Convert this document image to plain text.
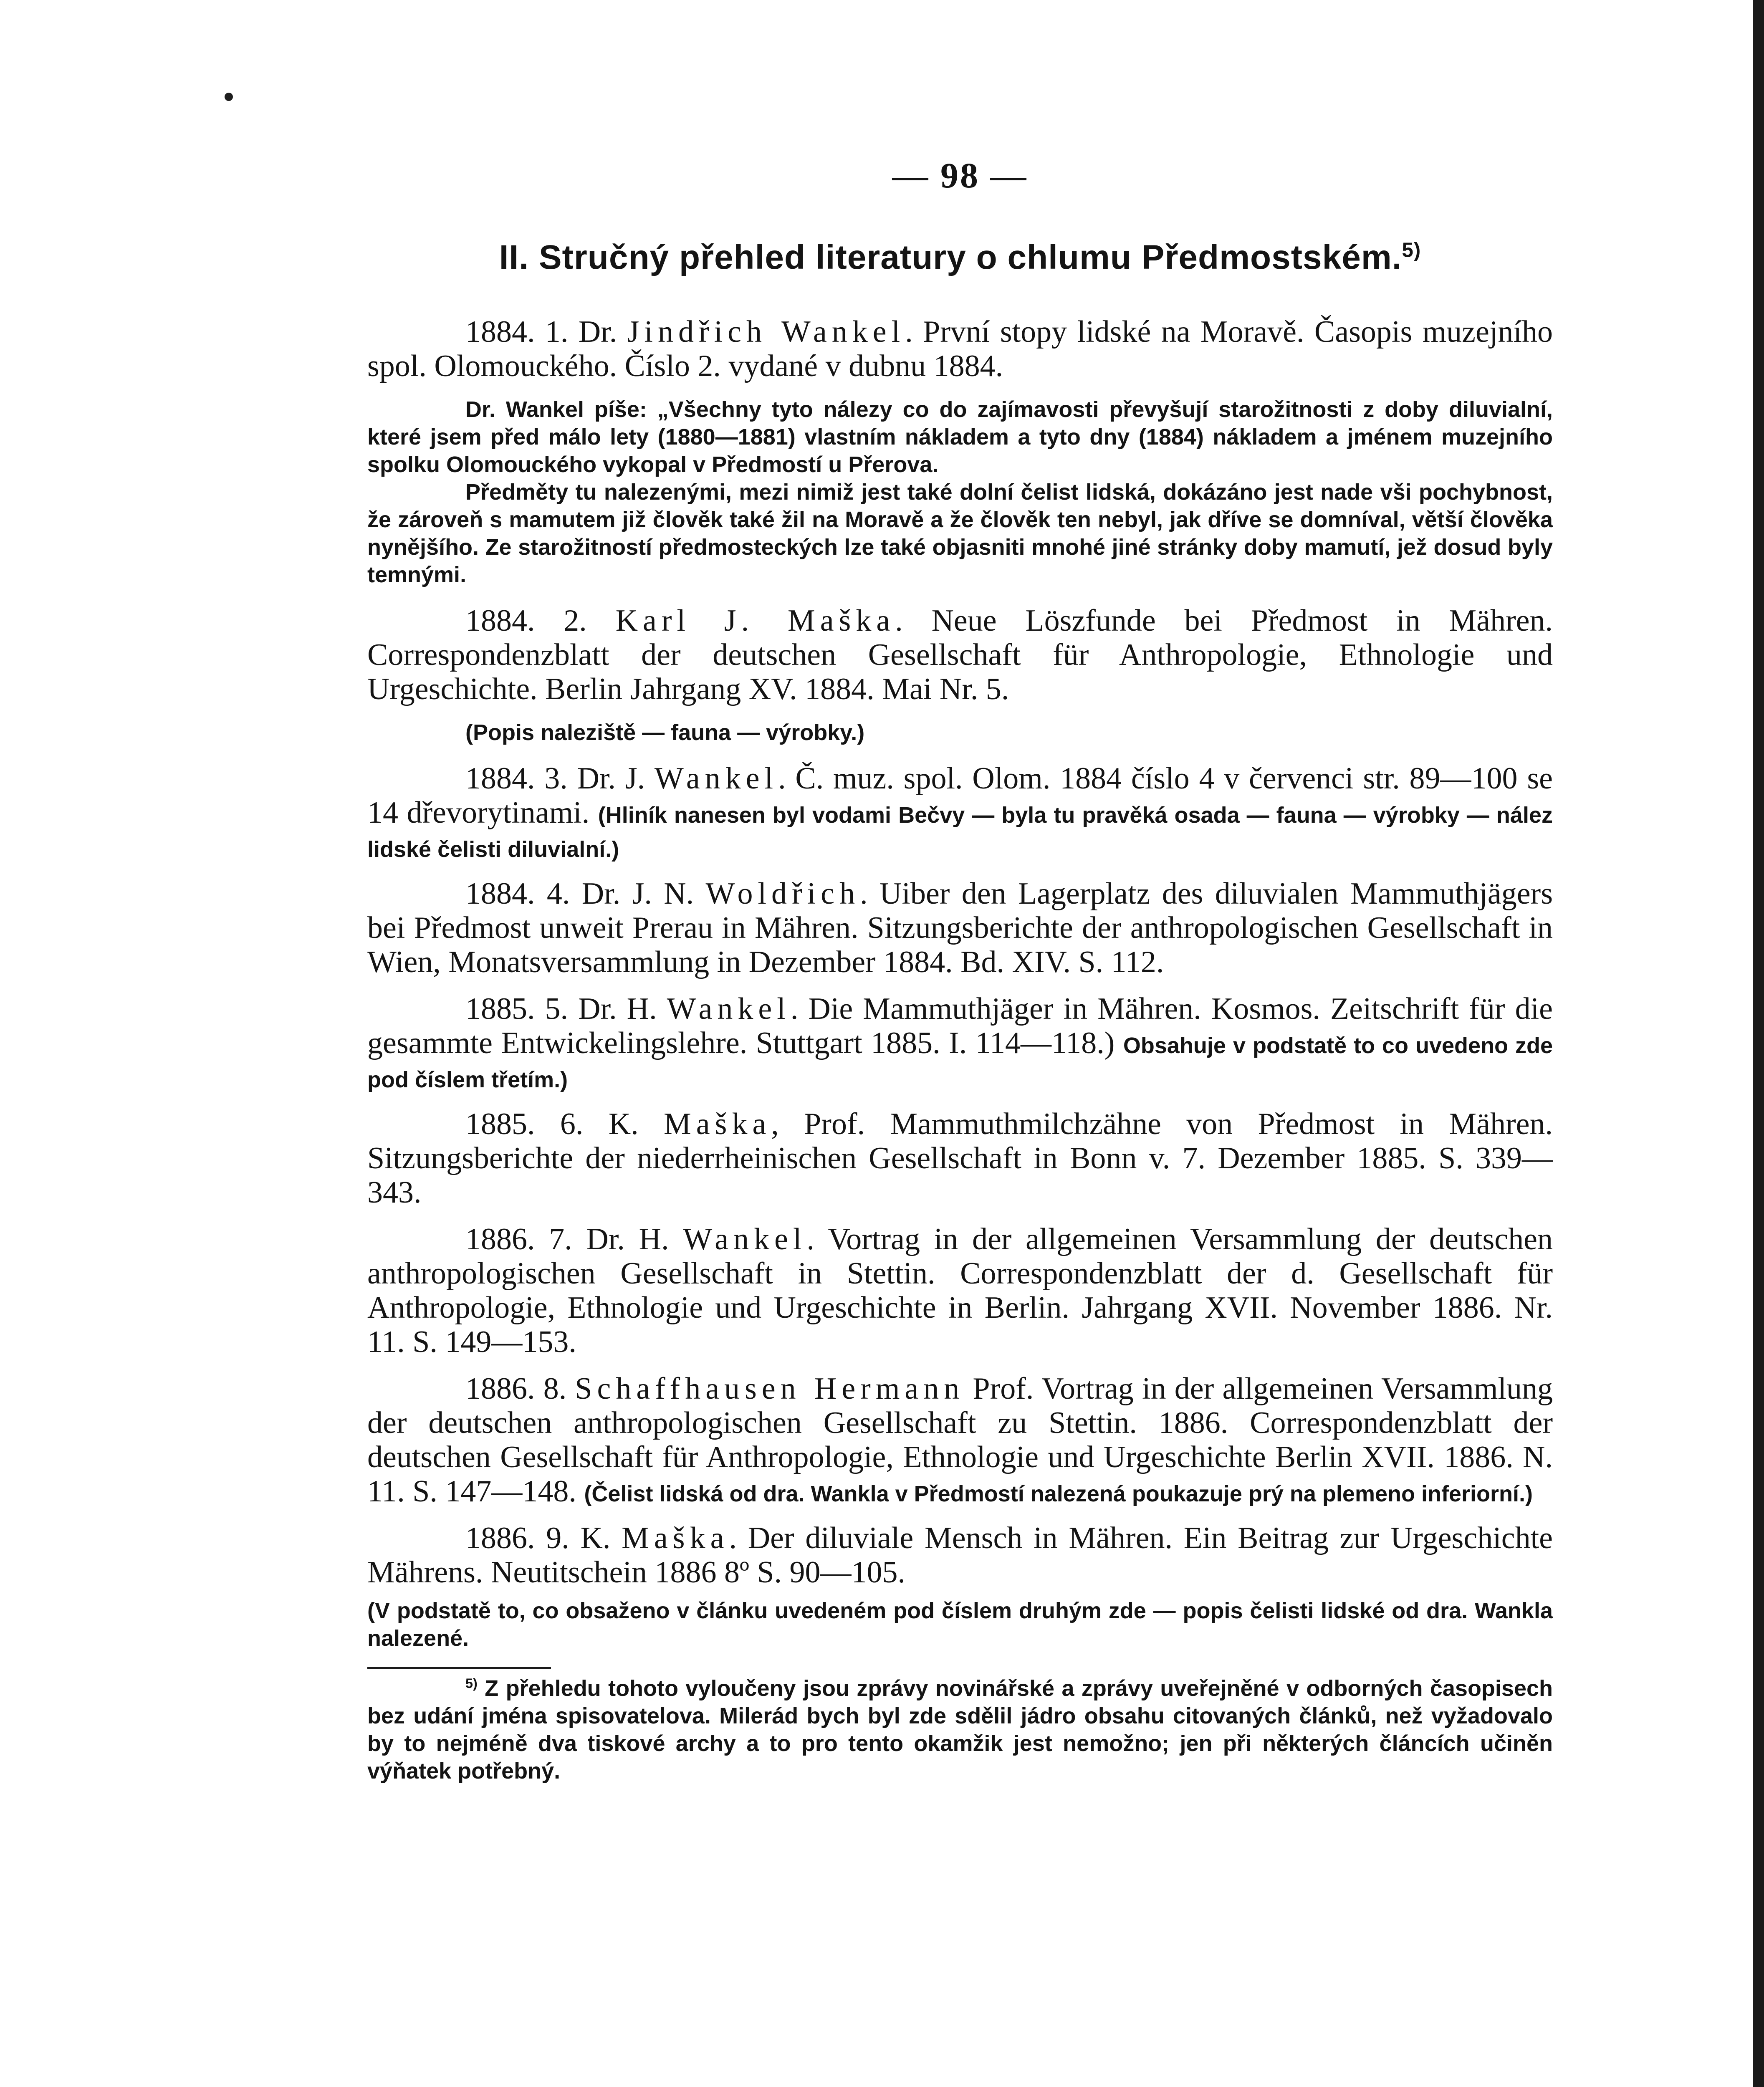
— 98 —
II. Stručný přehled literatury o chlumu Předmostském.$^{5)}$
1884. 1. Dr. Jindřich Wankel. První stopy lidské na Moravě. Časopis muzejního spol. Olomouckého. Číslo 2. vydané v dubnu 1884.
Dr. Wankel píše: „Všechny tyto nálezy co do zajímavosti převyšují starožitnosti z doby diluvialní, které jsem před málo lety (1880—1881) vlastním nákladem a tyto dny (1884) nákladem a jménem muzejního spolku Olomouckého vykopal v Předmostí u Přerova.
Předměty tu nalezenými, mezi nimiž jest také dolní čelist lidská, dokázáno jest nade vši pochybnost, že zároveň s mamutem již člověk také žil na Moravě a že člověk ten nebyl, jak dříve se domníval, větší člověka nynějšího. Ze starožitností předmosteckých lze také objasniti mnohé jiné stránky doby mamutí, jež dosud byly temnými.
1884. 2. Karl J. Maška. Neue Löszfunde bei Předmost in Mähren. Correspondenzblatt der deutschen Gesellschaft für Anthropologie, Ethnologie und Urgeschichte. Berlin Jahrgang XV. 1884. Mai Nr. 5.
(Popis naleziště — fauna — výrobky.)
1884. 3. Dr. J. Wankel. Č. muz. spol. Olom. 1884 číslo 4 v červenci str. 89—100 se 14 dřevorytinami. (Hliník nanesen byl vodami Bečvy — byla tu pravěká osada — fauna — výrobky — nález lidské čelisti diluvialní.)
1884. 4. Dr. J. N. Woldřich. Uiber den Lagerplatz des diluvialen Mammuthjägers bei Předmost unweit Prerau in Mähren. Sitzungsberichte der anthropologischen Gesellschaft in Wien, Monatsversammlung in Dezember 1884. Bd. XIV. S. 112.
1885. 5. Dr. H. Wankel. Die Mammuthjäger in Mähren. Kosmos. Zeitschrift für die gesammte Entwickelingslehre. Stuttgart 1885. I. 114—118.) Obsahuje v podstatě to co uvedeno zde pod číslem třetím.)
1885. 6. K. Maška, Prof. Mammuthmilchzähne von Předmost in Mähren. Sitzungsberichte der niederrheinischen Gesellschaft in Bonn v. 7. Dezember 1885. S. 339—343.
1886. 7. Dr. H. Wankel. Vortrag in der allgemeinen Versammlung der deutschen anthropologischen Gesellschaft in Stettin. Correspondenzblatt der d. Gesellschaft für Anthropologie, Ethnologie und Urgeschichte in Berlin. Jahrgang XVII. November 1886. Nr. 11. S. 149—153.
1886. 8. Schaffhausen Hermann Prof. Vortrag in der allgemeinen Versammlung der deutschen anthropologischen Gesellschaft zu Stettin. 1886. Correspondenzblatt der deutschen Gesellschaft für Anthropologie, Ethnologie und Urgeschichte Berlin XVII. 1886. N. 11. S. 147—148. (Čelist lidská od dra. Wankla v Předmostí nalezená poukazuje prý na plemeno inferiorní.)
1886. 9. K. Maška. Der diluviale Mensch in Mähren. Ein Beitrag zur Urgeschichte Mährens. Neutitschein 1886 8º S. 90—105.
(V podstatě to, co obsaženo v článku uvedeném pod číslem druhým zde — popis čelisti lidské od dra. Wankla nalezené.
$^{5)}$ Z přehledu tohoto vyloučeny jsou zprávy novinářské a zprávy uveřejněné v odborných časopisech bez udání jména spisovatelova. Milerád bych byl zde sdělil jádro obsahu citovaných článků, než vyžadovalo by to nejméně dva tiskové archy a to pro tento okamžik jest nemožno; jen při některých článcích učiněn výňatek potřebný.
